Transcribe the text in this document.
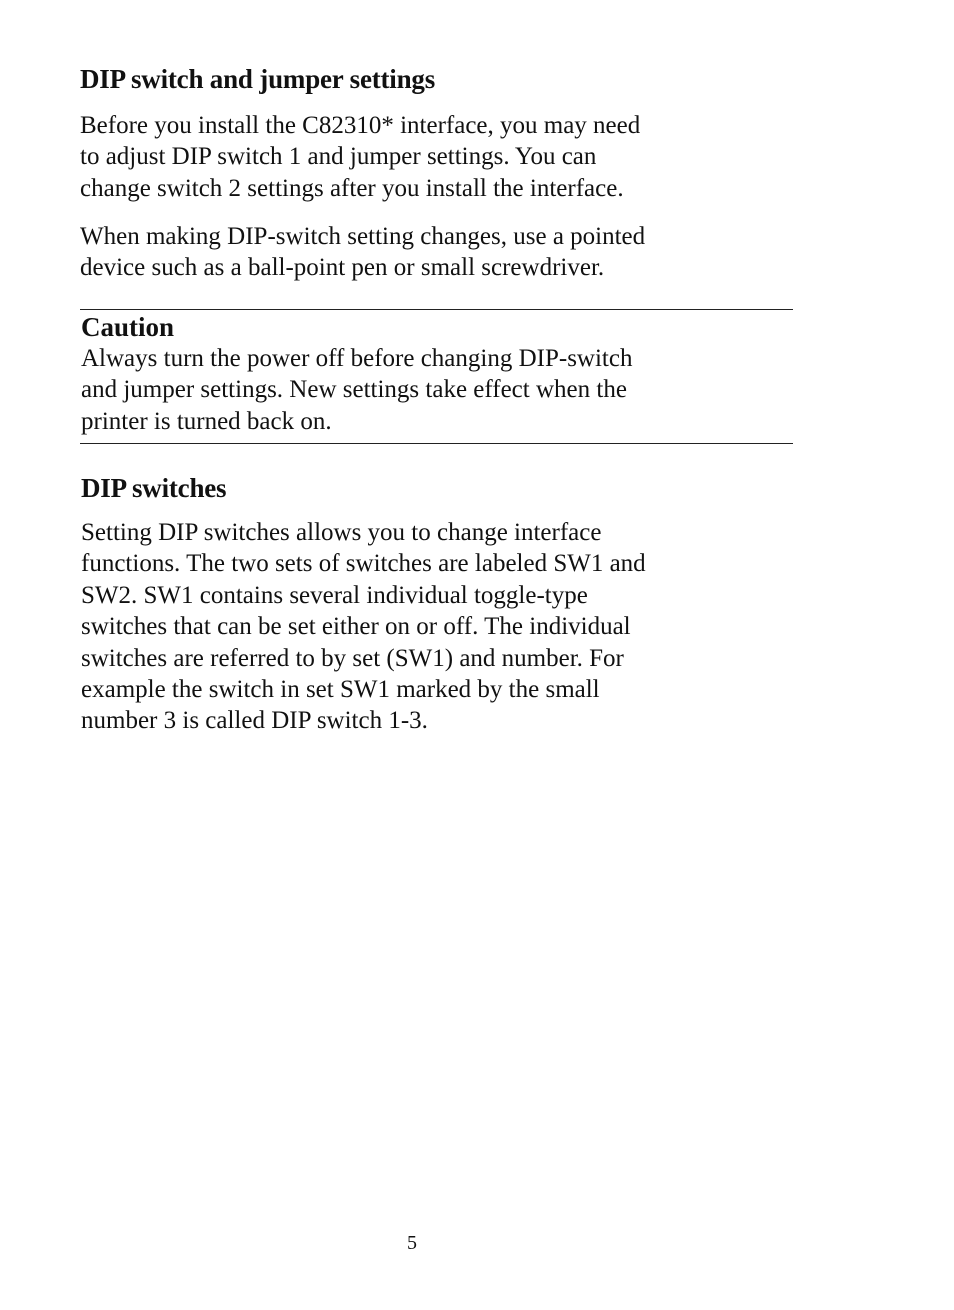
DIP switch and jumper settings

Before you install the C82310* interface, you may need
to adjust DIP switch 1 and jumper settings. You can
change switch 2 settings after you install the interface.

When making DIP-switch setting changes, use a pointed
device such as a ball-point pen or small screwdriver.

Caution

Always turn the power off before changing DIP-switch
and jumper settings. New settings take effect when the
printer is turned back on.

DIP switches

Setting DIP switches allows you to change interface
functions. The two sets of switches are labeled SW1 and
SW2. SW1 contains several individual toggle-type
switches that can be set either on or off. The individual
switches are referred to by set (SW1) and number. For
example the switch in set SW1 marked by the small
number 3 is called DIP switch 1-3.

5
